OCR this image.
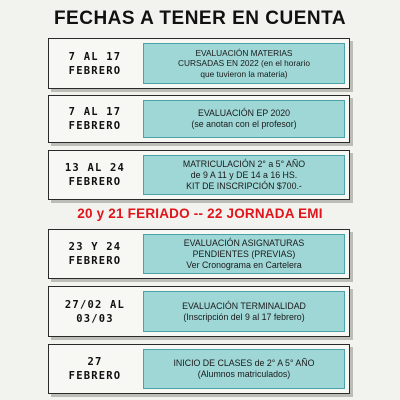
FECHAS A TENER EN CUENTA
7 AL 17
FEBRERO
EVALUACIÓN MATERIAS
CURSADAS EN 2022 (en el horario
que tuvieron la materia)
7 AL 17
FEBRERO
EVALUACIÓN EP 2020
(se anotan con el profesor)
13 AL 24
FEBRERO
MATRICULACIÓN 2° a 5° AÑO
de 9 A 11 y DE 14 a 16 HS.
KIT DE INSCRIPCIÓN $700.-
20 y 21 FERIADO -- 22 JORNADA EMI
23 Y 24
FEBRERO
EVALUACIÓN ASIGNATURAS
PENDIENTES (PREVIAS)
Ver Cronograma en Cartelera
27/02 AL
03/03
EVALUACIÓN TERMINALIDAD
(Inscripción del 9 al 17 febrero)
27
FEBRERO
INICIO DE CLASES de 2° A 5° AÑO
(Alumnos matriculados)
